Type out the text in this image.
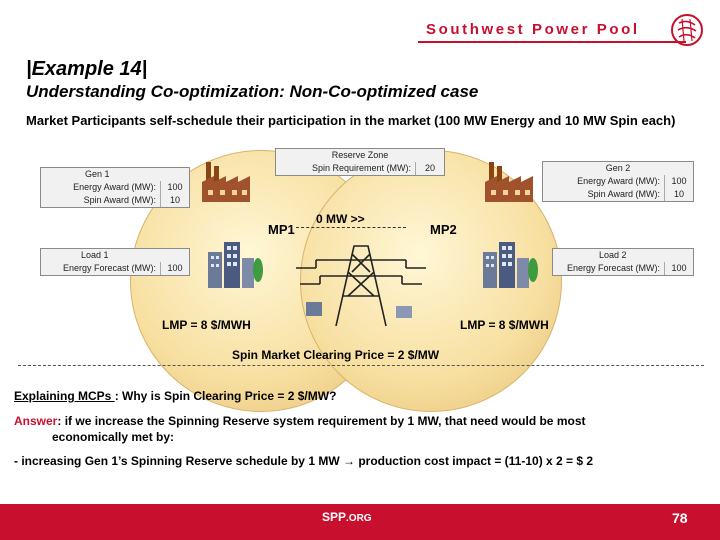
Southwest Power Pool
|Example 14|
Understanding Co-optimization: Non-Co-optimized case
Market Participants self-schedule their participation in the market (100 MW Energy and 10 MW Spin each)
Reserve Zone
Spin Requirement (MW):	20
Gen 1
Energy Award (MW):	100
Spin Award (MW):	10
Gen 2
Energy Award (MW):	100
Spin Award (MW):	10
Load 1
Energy Forecast (MW):	100
Load 2
Energy Forecast (MW):	100
MP1	MP2
0 MW >>
LMP = 8 $/MWH	LMP = 8 $/MWH
Spin Market Clearing Price = 2 $/MW
Explaining MCPs : Why is Spin Clearing Price = 2 $/MW?
Answer: if we increase the Spinning Reserve system requirement by 1 MW, that need would be most
economically met by:
- increasing Gen 1’s Spinning Reserve schedule by 1 MW → production cost impact = (11-10) x 2 = $ 2
SPP.ORG	78
